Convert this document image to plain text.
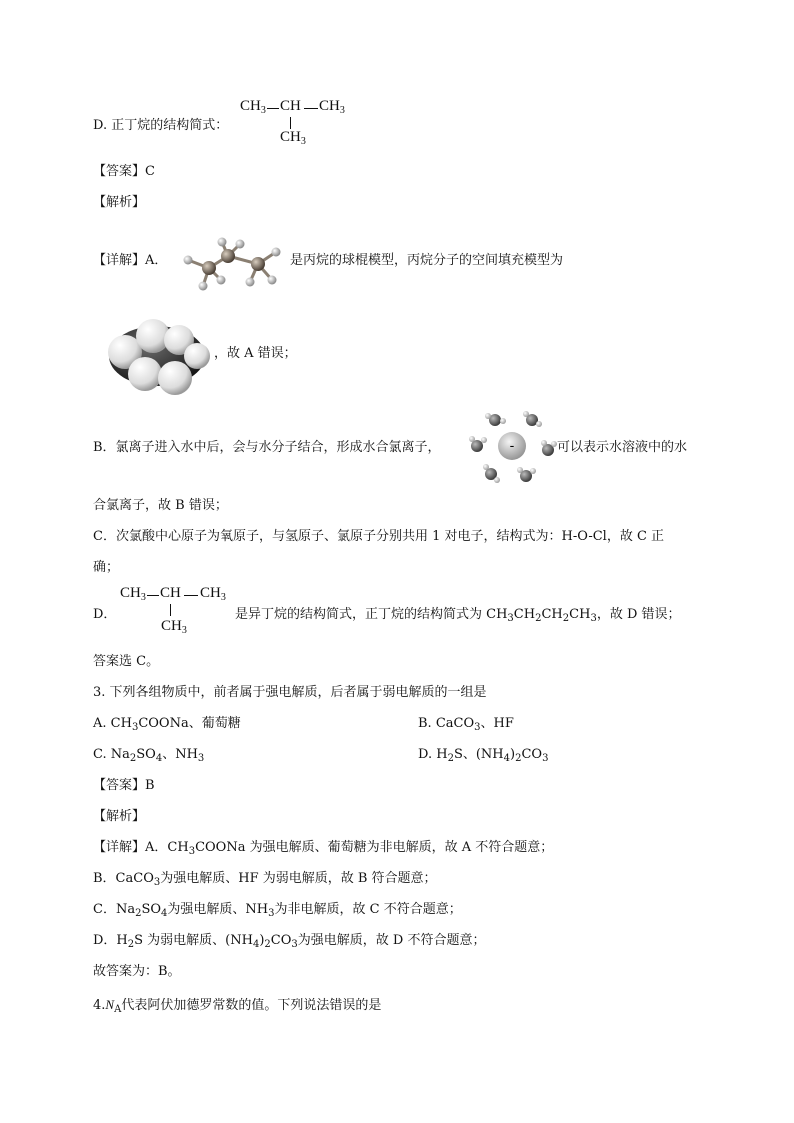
D. 正丁烷的结构简式：
$CH_3$ CH $CH_3$
$CH_3$
【答案】C
【解析】
【详解】A．	是丙烷的球棍模型，丙烷分子的空间填充模型为
，故 A 错误；
B．氯离子进入水中后，会与水分子结合，形成水合氯离子，	-	可以表示水溶液中的水
合氯离子，故 B 错误；
C．次氯酸中心原子为氧原子，与氢原子、氯原子分别共用 1 对电子，结构式为：H-O-Cl，故 C 正
确；
D．
$CH_3$ CH $CH_3$
$CH_3$
是异丁烷的结构简式，正丁烷的结构简式为 $CH_3CH_2CH_2CH_3$，故 D 错误；
答案选 C。
3. 下列各组物质中，前者属于强电解质，后者属于弱电解质的一组是
A. $CH_3COONa$、葡萄糖	B. CaCO$_3$、HF
C. $Na_2SO_4$、$NH_3$	D. $H_2S$、$(NH_4)_2CO_3$
【答案】B
【解析】
【详解】A．$CH_3COONa$ 为强电解质、葡萄糖为非电解质，故 A 不符合题意；
B．CaCO$_3$为强电解质、HF 为弱电解质，故 B 符合题意；
C．$Na_2SO_4$为强电解质、$NH_3$为非电解质，故 C 不符合题意；
D．$H_2S$ 为弱电解质、$(NH_4)_2CO_3$为强电解质，故 D 不符合题意；
故答案为：B。
$4.N_A$代表阿伏加德罗常数的值。下列说法错误的是
